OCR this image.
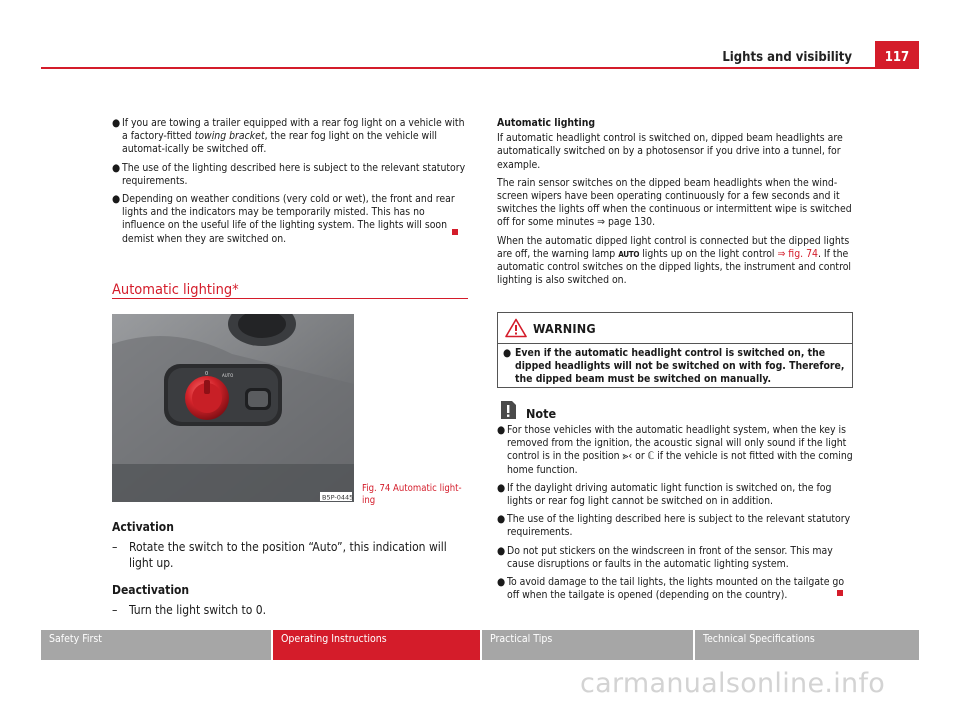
Lights and visibility	117
● If you are towing a trailer equipped with a rear fog light on a vehicle with a factory-fitted towing bracket, the rear fog light on the vehicle will automat-ically be switched off.
● The use of the lighting described here is subject to the relevant statutory requirements.
● Depending on weather conditions (very cold or wet), the front and rear lights and the indicators may be temporarily misted. This has no influence on the useful life of the lighting system. The lights will soon demist when they are switched on.
Automatic lighting*
0	AUTO
B5P-0445
Fig. 74 Automatic light-ing
Activation
– Rotate the switch to the position “Auto”, this indication will light up.
Deactivation
– Turn the light switch to 0.

Automatic lighting

If automatic headlight control is switched on, dipped beam headlights are automatically switched on by a photosensor if you drive into a tunnel, for example.

The rain sensor switches on the dipped beam headlights when the wind-screen wipers have been operating continuously for a few seconds and it switches the lights off when the continuous or intermittent wipe is switched off for some minutes ⇒ page 130.

When the automatic dipped light control is connected but the dipped lights are off, the warning lamp AUTO lights up on the light control ⇒ fig. 74. If the automatic control switches on the dipped lights, the instrument and control lighting is also switched on.

WARNING
● Even if the automatic headlight control is switched on, the dipped headlights will not be switched on with fog. Therefore, the dipped beam must be switched on manually.
Note
● For those vehicles with the automatic headlight system, when the key is removed from the ignition, the acoustic signal will only sound if the light control is in the position ⪢‹ or ℂ if the vehicle is not fitted with the coming home function.
● If the daylight driving automatic light function is switched on, the fog lights or rear fog light cannot be switched on in addition.
● The use of the lighting described here is subject to the relevant statutory requirements.
● Do not put stickers on the windscreen in front of the sensor. This may cause disruptions or faults in the automatic lighting system.
● To avoid damage to the tail lights, the lights mounted on the tailgate go off when the tailgate is opened (depending on the country).
Safety First	Operating Instructions	Practical Tips	Technical Specifications
carmanualsonline.info
